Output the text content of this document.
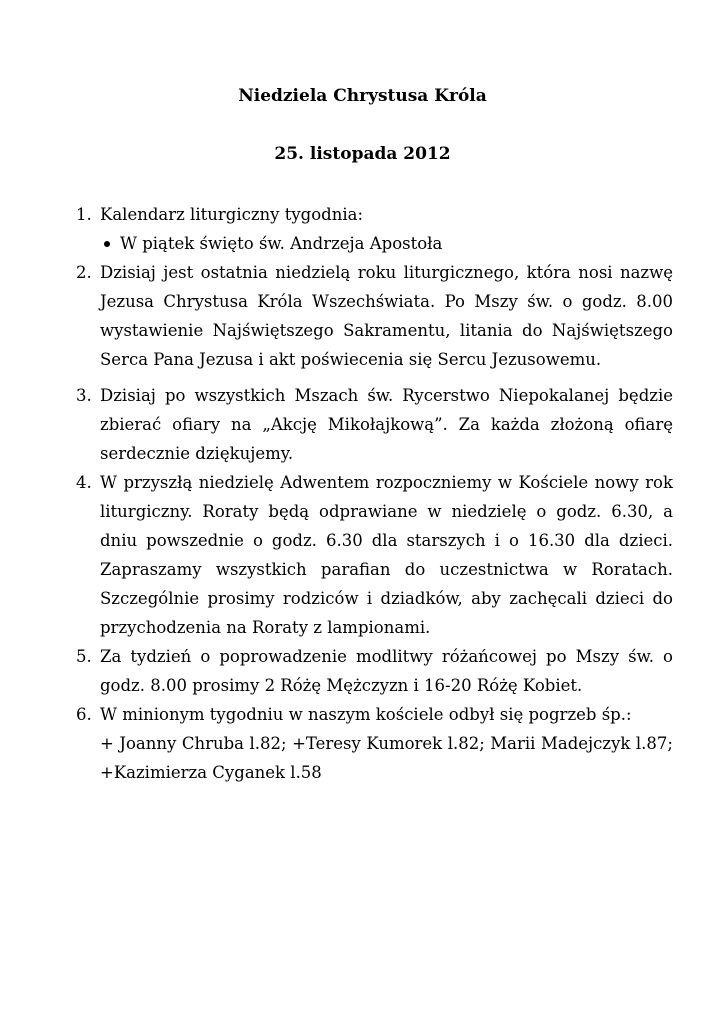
Niedziela Chrystusa Króla
25. listopada 2012
1. Kalendarz liturgiczny tygodnia:
W piątek święto św. Andrzeja Apostoła
2. Dzisiaj jest ostatnia niedzielą roku liturgicznego, która nosi nazwę Jezusa Chrystusa Króla Wszechświata. Po Mszy św. o godz. 8.00 wystawienie Najświętszego Sakramentu, litania do Najświętszego Serca Pana Jezusa i akt poświecenia się Sercu Jezusowemu.
3. Dzisiaj po wszystkich Mszach św. Rycerstwo Niepokalanej będzie zbierać ofiary na „Akcję Mikołajkową”. Za każda złożoną ofiarę serdecznie dziękujemy.
4. W przyszłą niedzielę Adwentem rozpoczniemy w Kościele nowy rok liturgiczny. Roraty będą odprawiane w niedzielę o godz. 6.30, a dniu powszednie o godz. 6.30 dla starszych i o 16.30 dla dzieci. Zapraszamy wszystkich parafian do uczestnictwa w Roratach. Szczególnie prosimy rodziców i dziadków, aby zachęcali dzieci do przychodzenia na Roraty z lampionami.
5. Za tydzień o poprowadzenie modlitwy różańcowej po Mszy św. o godz. 8.00 prosimy 2 Różę Mężczyzn i 16-20 Różę Kobiet.
6. W minionym tygodniu w naszym kościele odbył się pogrzeb śp.:
+ Joanny Chruba l.82; +Teresy Kumorek l.82; Marii Madejczyk l.87; +Kazimierza Cyganek l.58
